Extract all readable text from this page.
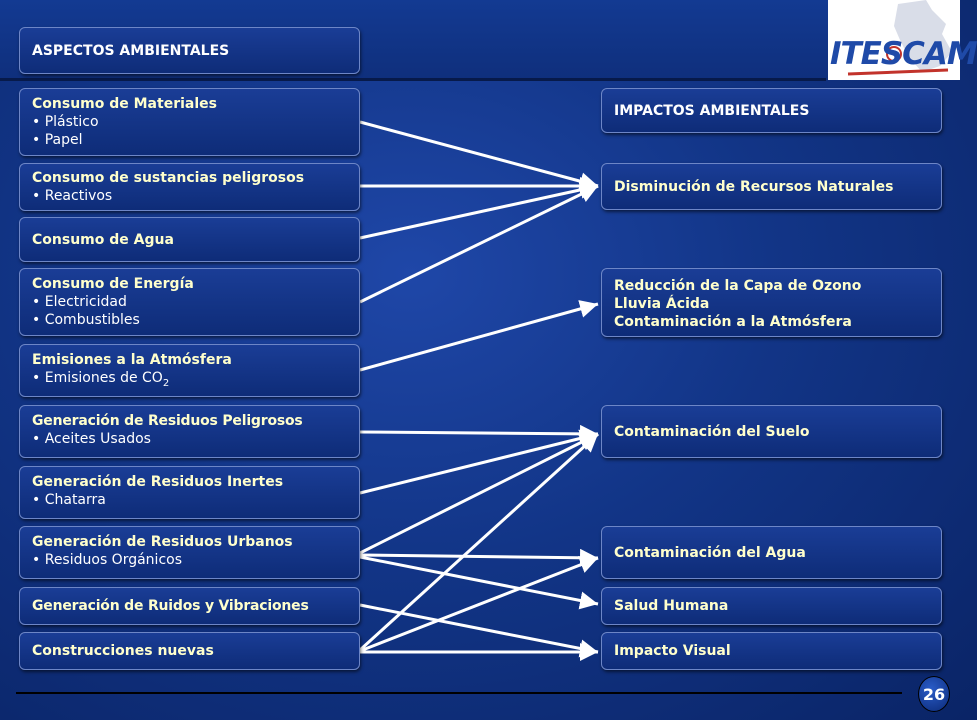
ITESCAM
ASPECTOS AMBIENTALES
Consumo de Materiales
• Plástico
• Papel
Consumo de sustancias peligrosos
• Reactivos
Consumo de Agua
Consumo de Energía
• Electricidad
• Combustibles
Emisiones a la Atmósfera
• Emisiones de $CO_2$
Generación de Residuos Peligrosos
• Aceites Usados
Generación de Residuos Inertes
• Chatarra
Generación de Residuos Urbanos
• Residuos Orgánicos
Generación de Ruidos y Vibraciones
Construcciones nuevas
IMPACTOS AMBIENTALES
Disminución de Recursos Naturales
Reducción de la Capa de Ozono
Lluvia Ácida
Contaminación a la Atmósfera
Contaminación del Suelo
Contaminación del Agua
Salud Humana
Impacto Visual
26
